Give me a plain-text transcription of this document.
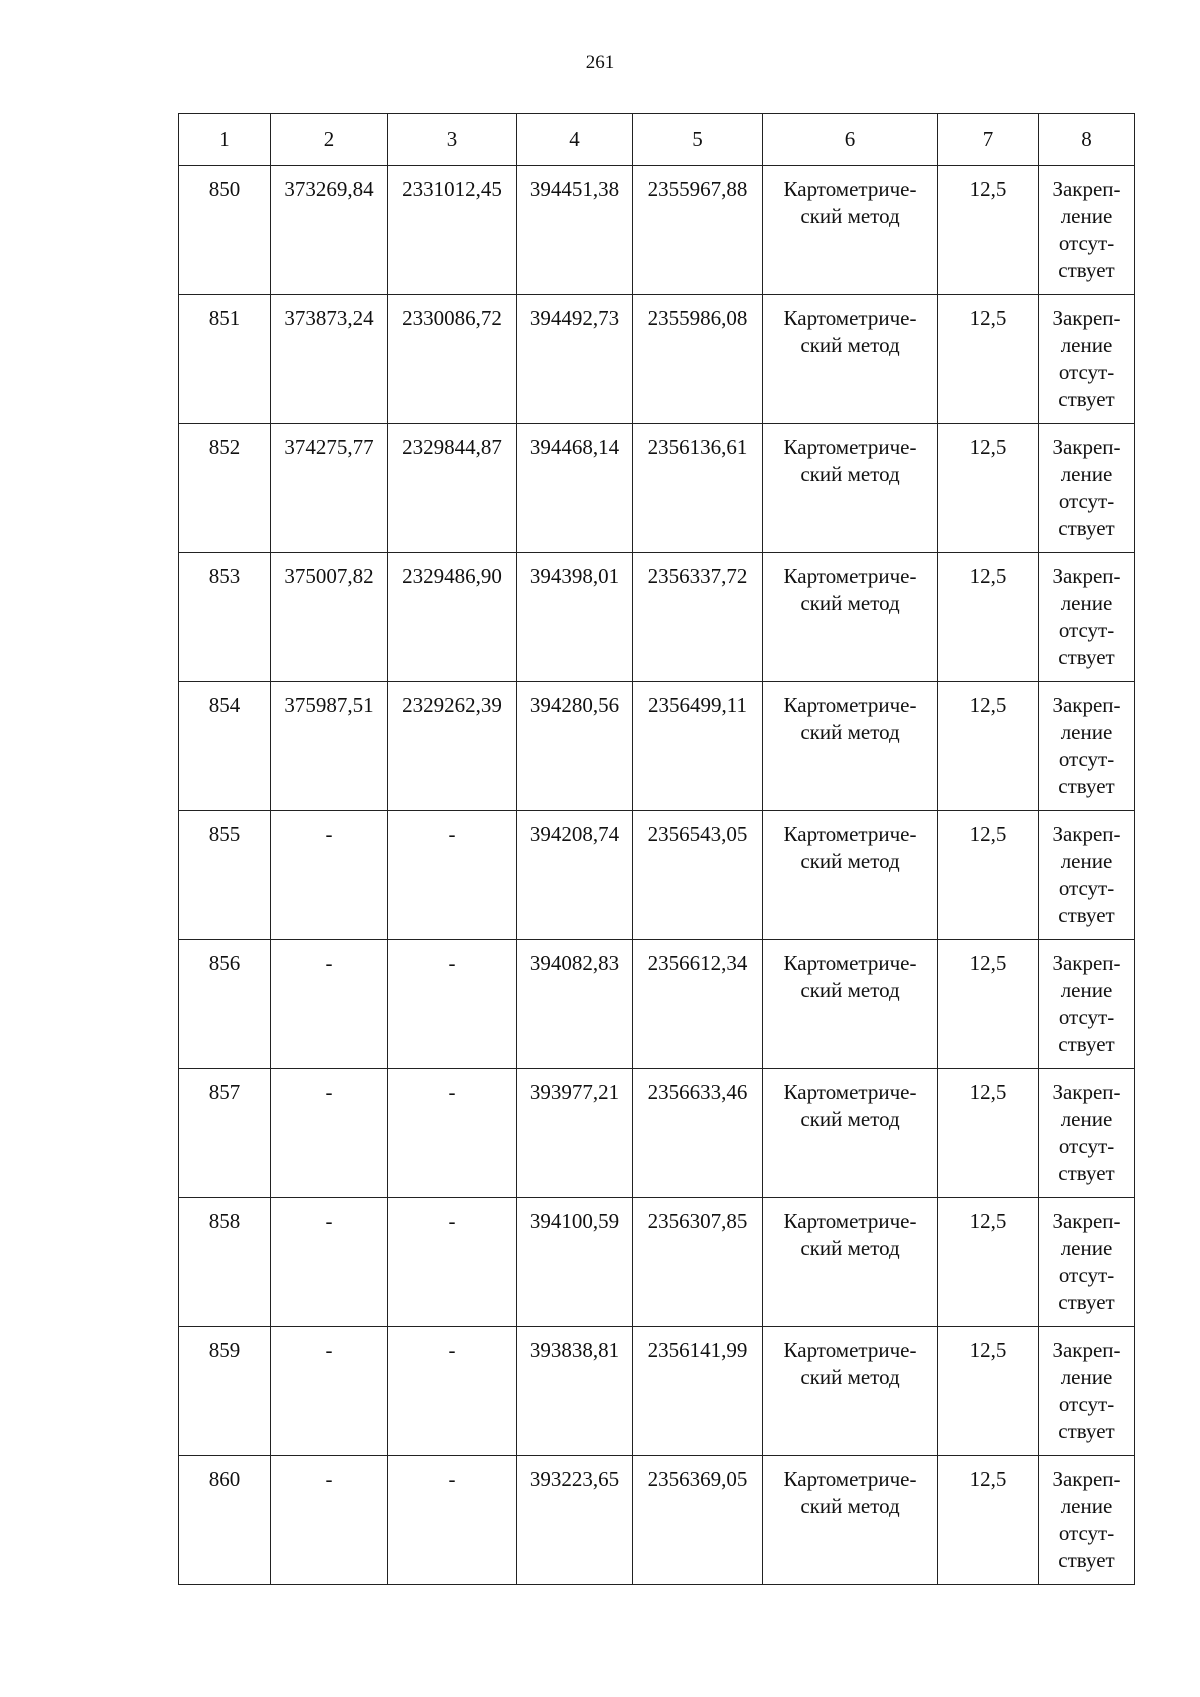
261
1	2	3	4	5	6	7	8
850	373269,84	2331012,45	394451,38	2355967,88	Картометриче-ский метод	12,5	Закреп-ление отсут-ствует
851	373873,24	2330086,72	394492,73	2355986,08	Картометриче-ский метод	12,5	Закреп-ление отсут-ствует
852	374275,77	2329844,87	394468,14	2356136,61	Картометриче-ский метод	12,5	Закреп-ление отсут-ствует
853	375007,82	2329486,90	394398,01	2356337,72	Картометриче-ский метод	12,5	Закреп-ление отсут-ствует
854	375987,51	2329262,39	394280,56	2356499,11	Картометриче-ский метод	12,5	Закреп-ление отсут-ствует
855	-	-	394208,74	2356543,05	Картометриче-ский метод	12,5	Закреп-ление отсут-ствует
856	-	-	394082,83	2356612,34	Картометриче-ский метод	12,5	Закреп-ление отсут-ствует
857	-	-	393977,21	2356633,46	Картометриче-ский метод	12,5	Закреп-ление отсут-ствует
858	-	-	394100,59	2356307,85	Картометриче-ский метод	12,5	Закреп-ление отсут-ствует
859	-	-	393838,81	2356141,99	Картометриче-ский метод	12,5	Закреп-ление отсут-ствует
860	-	-	393223,65	2356369,05	Картометриче-ский метод	12,5	Закреп-ление отсут-ствует
